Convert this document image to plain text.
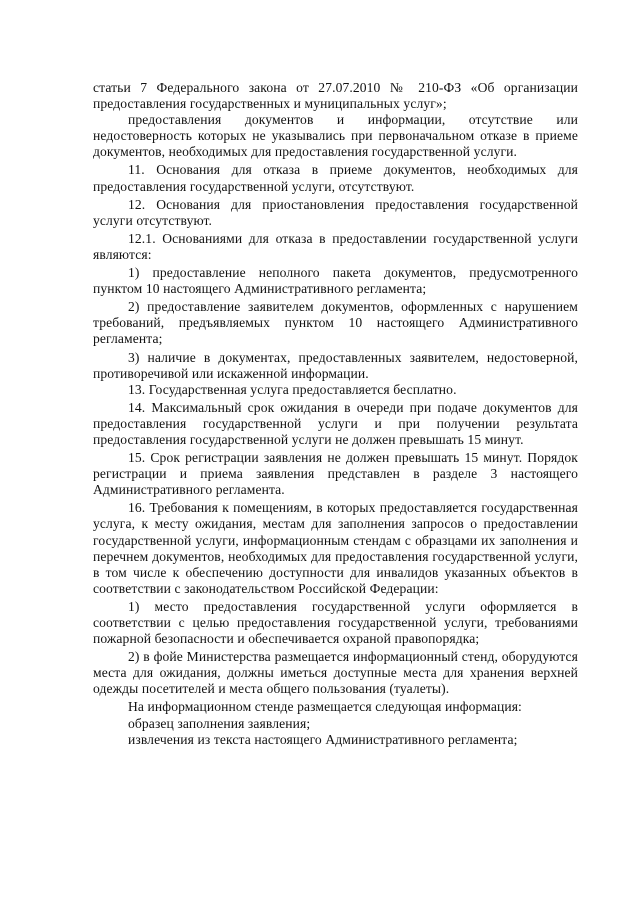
статьи 7 Федерального закона от 27.07.2010 № 210-ФЗ «Об организации предоставления государственных и муниципальных услуг»;

предоставления документов и информации, отсутствие или недостоверность которых не указывались при первоначальном отказе в приеме документов, необходимых для предоставления государственной услуги.

11. Основания для отказа в приеме документов, необходимых для предоставления государственной услуги, отсутствуют.

12. Основания для приостановления предоставления государственной услуги отсутствуют.

12.1. Основаниями для отказа в предоставлении государственной услуги являются:

1) предоставление неполного пакета документов, предусмотренного пунктом 10 настоящего Административного регламента;

2) предоставление заявителем документов, оформленных с нарушением требований, предъявляемых пунктом 10 настоящего Административного регламента;

3) наличие в документах, предоставленных заявителем, недостоверной, противоречивой или искаженной информации.

13. Государственная услуга предоставляется бесплатно.

14. Максимальный срок ожидания в очереди при подаче документов для предоставления государственной услуги и при получении результата предоставления государственной услуги не должен превышать 15 минут.

15. Срок регистрации заявления не должен превышать 15 минут. Порядок регистрации и приема заявления представлен в разделе 3 настоящего Административного регламента.

16. Требования к помещениям, в которых предоставляется государственная услуга, к месту ожидания, местам для заполнения запросов о предоставлении государственной услуги, информационным стендам с образцами их заполнения и перечнем документов, необходимых для предоставления государственной услуги, в том числе к обеспечению доступности для инвалидов указанных объектов в соответствии с законодательством Российской Федерации:

1) место предоставления государственной услуги оформляется в соответствии с целью предоставления государственной услуги, требованиями пожарной безопасности и обеспечивается охраной правопорядка;

2) в фойе Министерства размещается информационный стенд, оборудуются места для ожидания, должны иметься доступные места для хранения верхней одежды посетителей и места общего пользования (туалеты).

На информационном стенде размещается следующая информация:

образец заполнения заявления;

извлечения из текста настоящего Административного регламента;
